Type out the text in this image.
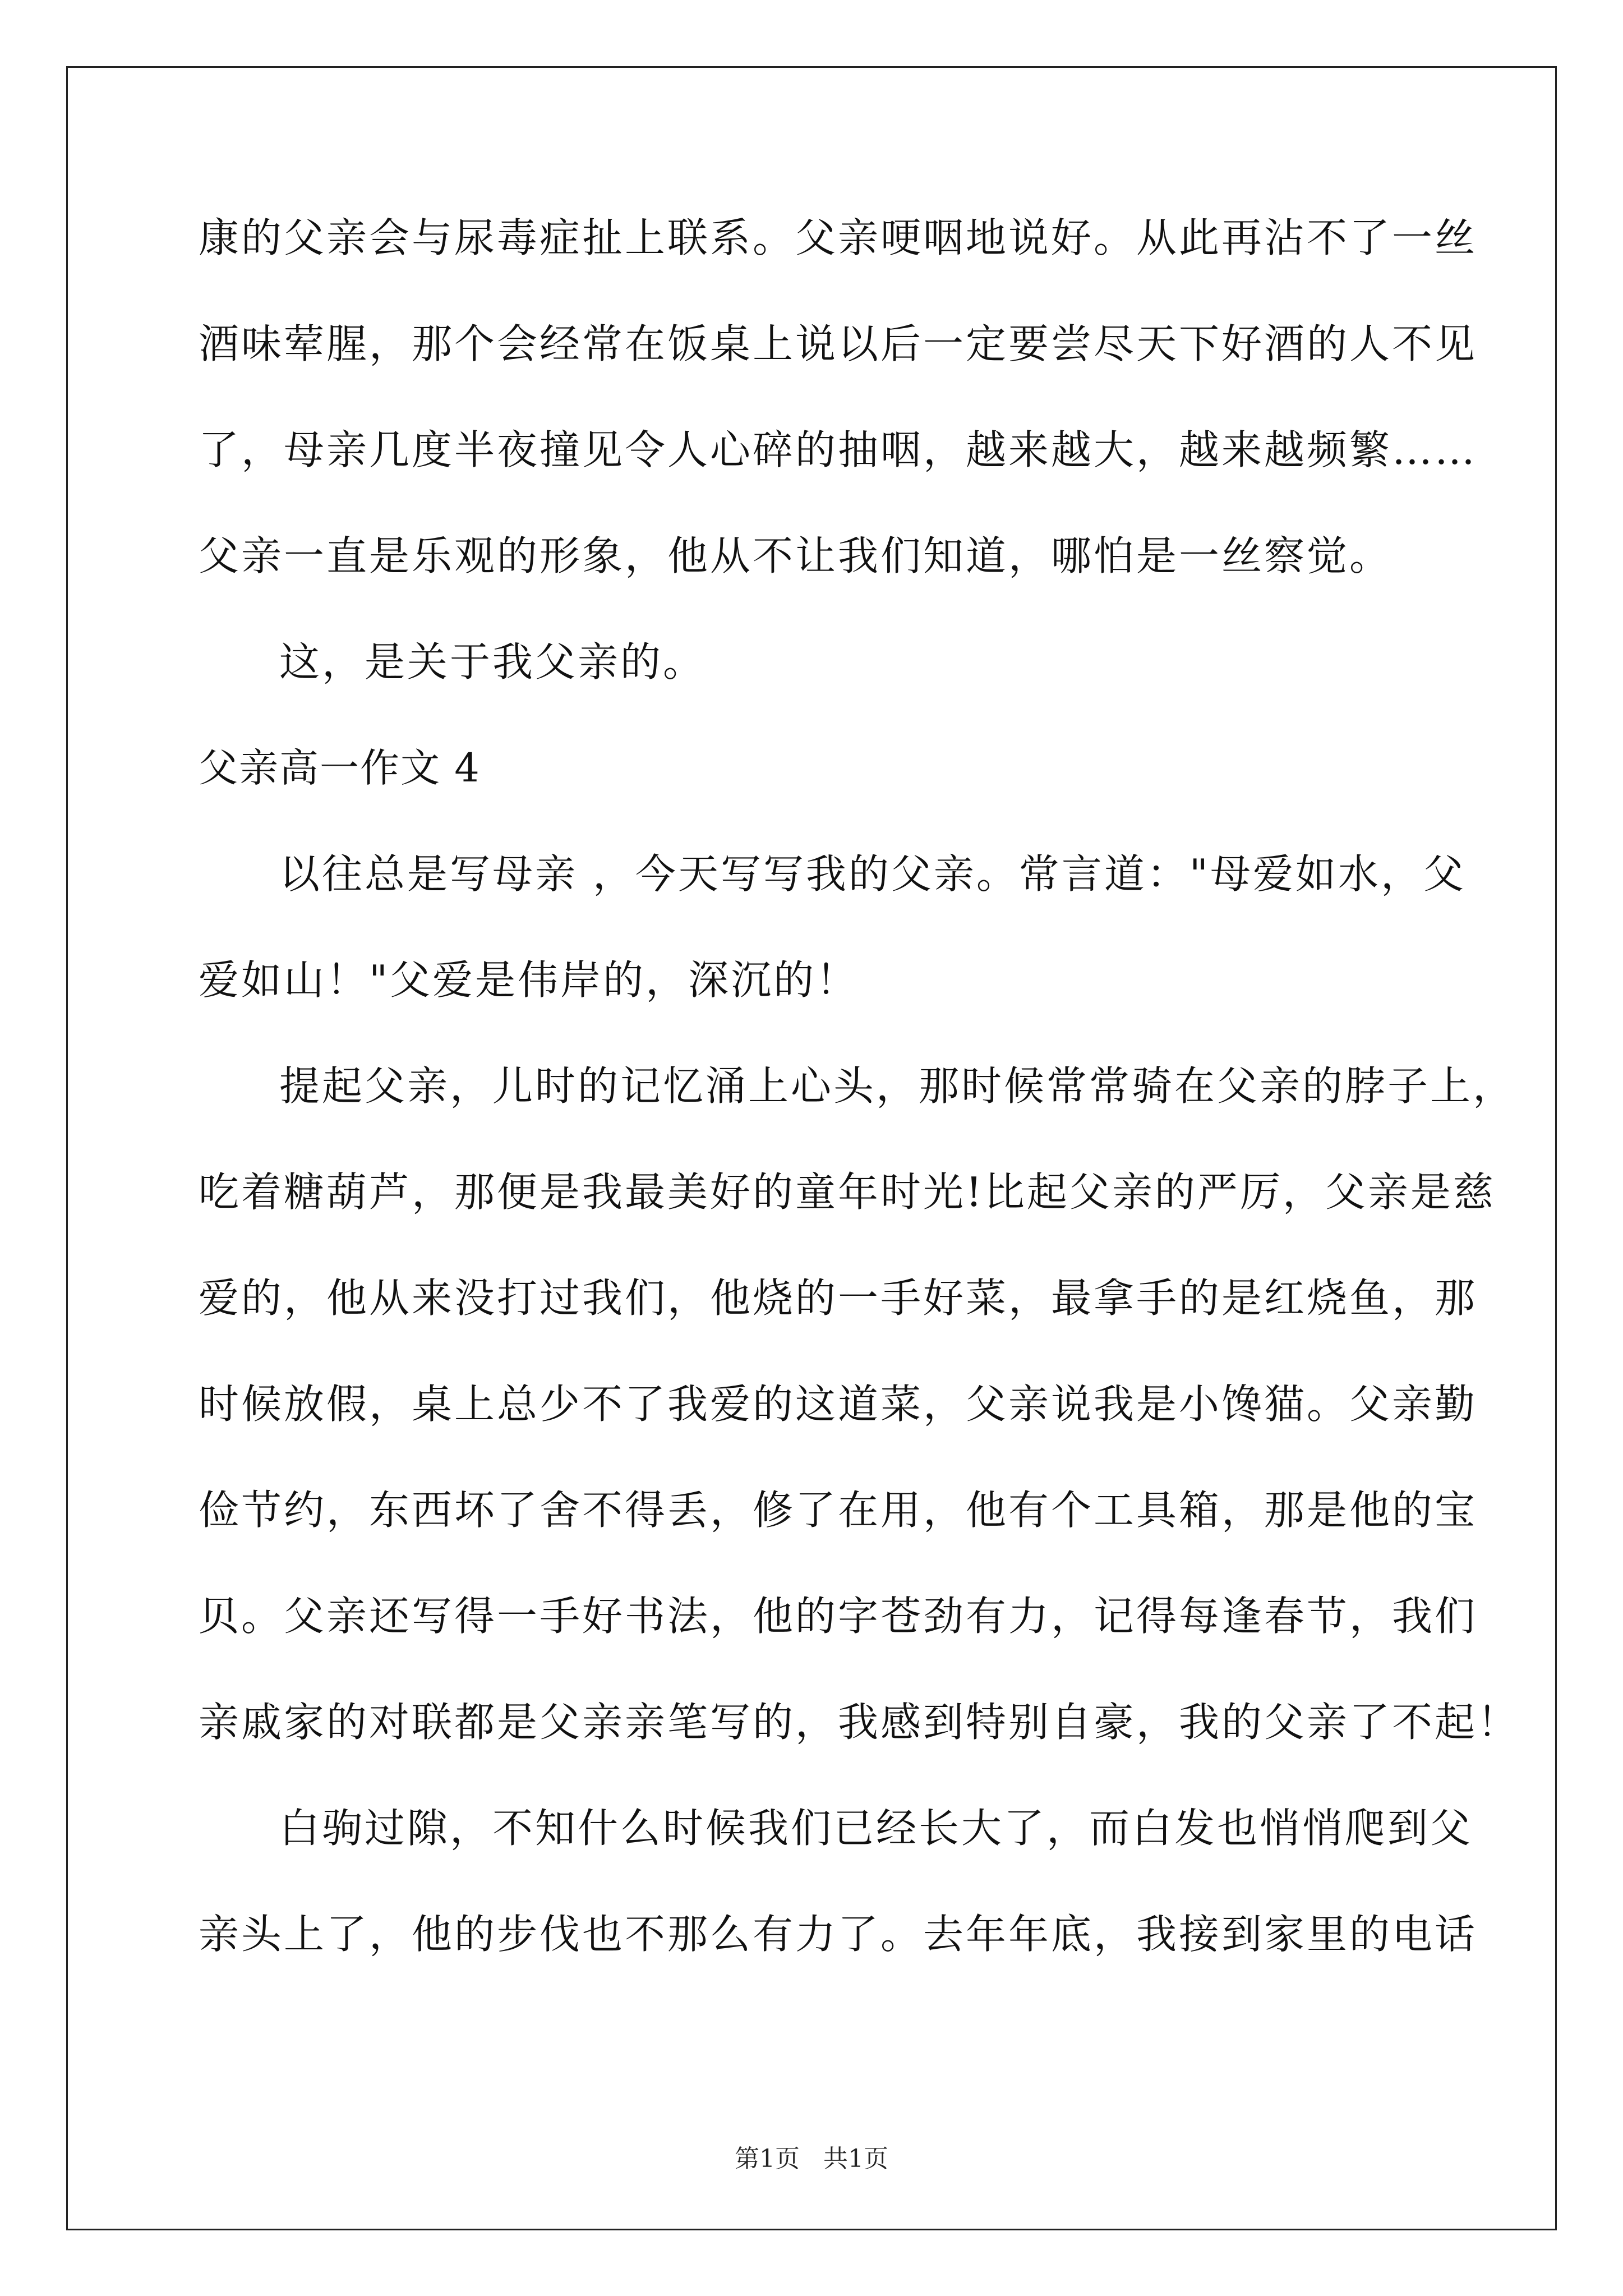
康的父亲会与尿毒症扯上联系。父亲哽咽地说好。从此再沾不了一丝
酒味荤腥，那个会经常在饭桌上说以后一定要尝尽天下好酒的人不见
了，母亲几度半夜撞见令人心碎的抽咽，越来越大，越来越频繁……
父亲一直是乐观的形象，他从不让我们知道，哪怕是一丝察觉。
这，是关于我父亲的。
父亲高一作文 4
以往总是写母亲 ，今天写写我的父亲。常言道："母爱如水，父
爱如山！"父爱是伟岸的，深沉的！
提起父亲，儿时的记忆涌上心头，那时候常常骑在父亲的脖子上，
吃着糖葫芦，那便是我最美好的童年时光!比起父亲的严厉，父亲是慈
爱的，他从来没打过我们，他烧的一手好菜，最拿手的是红烧鱼，那
时候放假，桌上总少不了我爱的这道菜，父亲说我是小馋猫。父亲勤
俭节约，东西坏了舍不得丢，修了在用，他有个工具箱，那是他的宝
贝。父亲还写得一手好书法，他的字苍劲有力，记得每逢春节，我们
亲戚家的对联都是父亲亲笔写的，我感到特别自豪，我的父亲了不起！
白驹过隙，不知什么时候我们已经长大了，而白发也悄悄爬到父
亲头上了，他的步伐也不那么有力了。去年年底，我接到家里的电话
第1页 共1页
